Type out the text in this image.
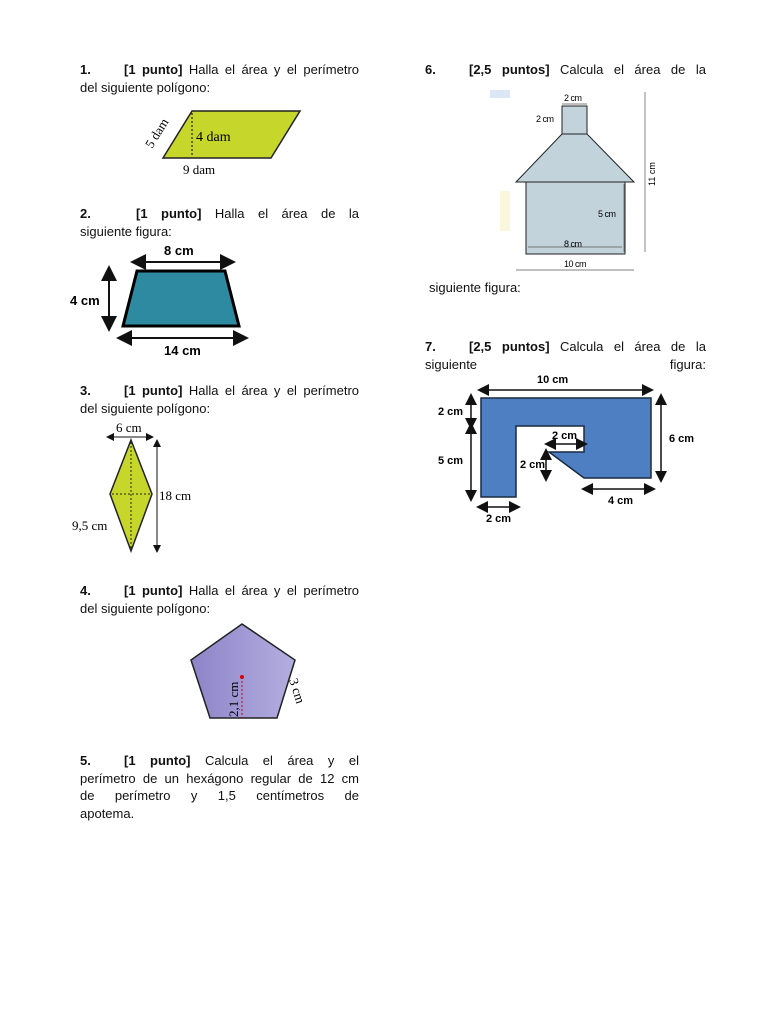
1.	[1 punto] Halla el área y el perímetro
del siguiente polígono:
4 dam
5 dam
9 dam
2.	[1 punto] Halla el área de la
siguiente figura:
8 cm
4 cm
14 cm
3.	[1 punto] Halla el área y el perímetro
del siguiente polígono:
6 cm
18 cm
9,5 cm
4.	[1 punto] Halla el área y el perímetro
del siguiente polígono:
2,1 cm	3 cm
5.	[1 punto] Calcula el área y el
perímetro de un hexágono regular de 12 cm
de perímetro y 1,5 centímetros de
apotema.
6.	[2,5 puntos] Calcula el área de la
2 cm
2 cm
5 cm
8 cm
10 cm
11 cm
siguiente figura:
7.	[2,5 puntos] Calcula el área de la
siguiente	figura:
10 cm
2 cm
5 cm
6 cm
2 cm
2 cm
2 cm
4 cm
